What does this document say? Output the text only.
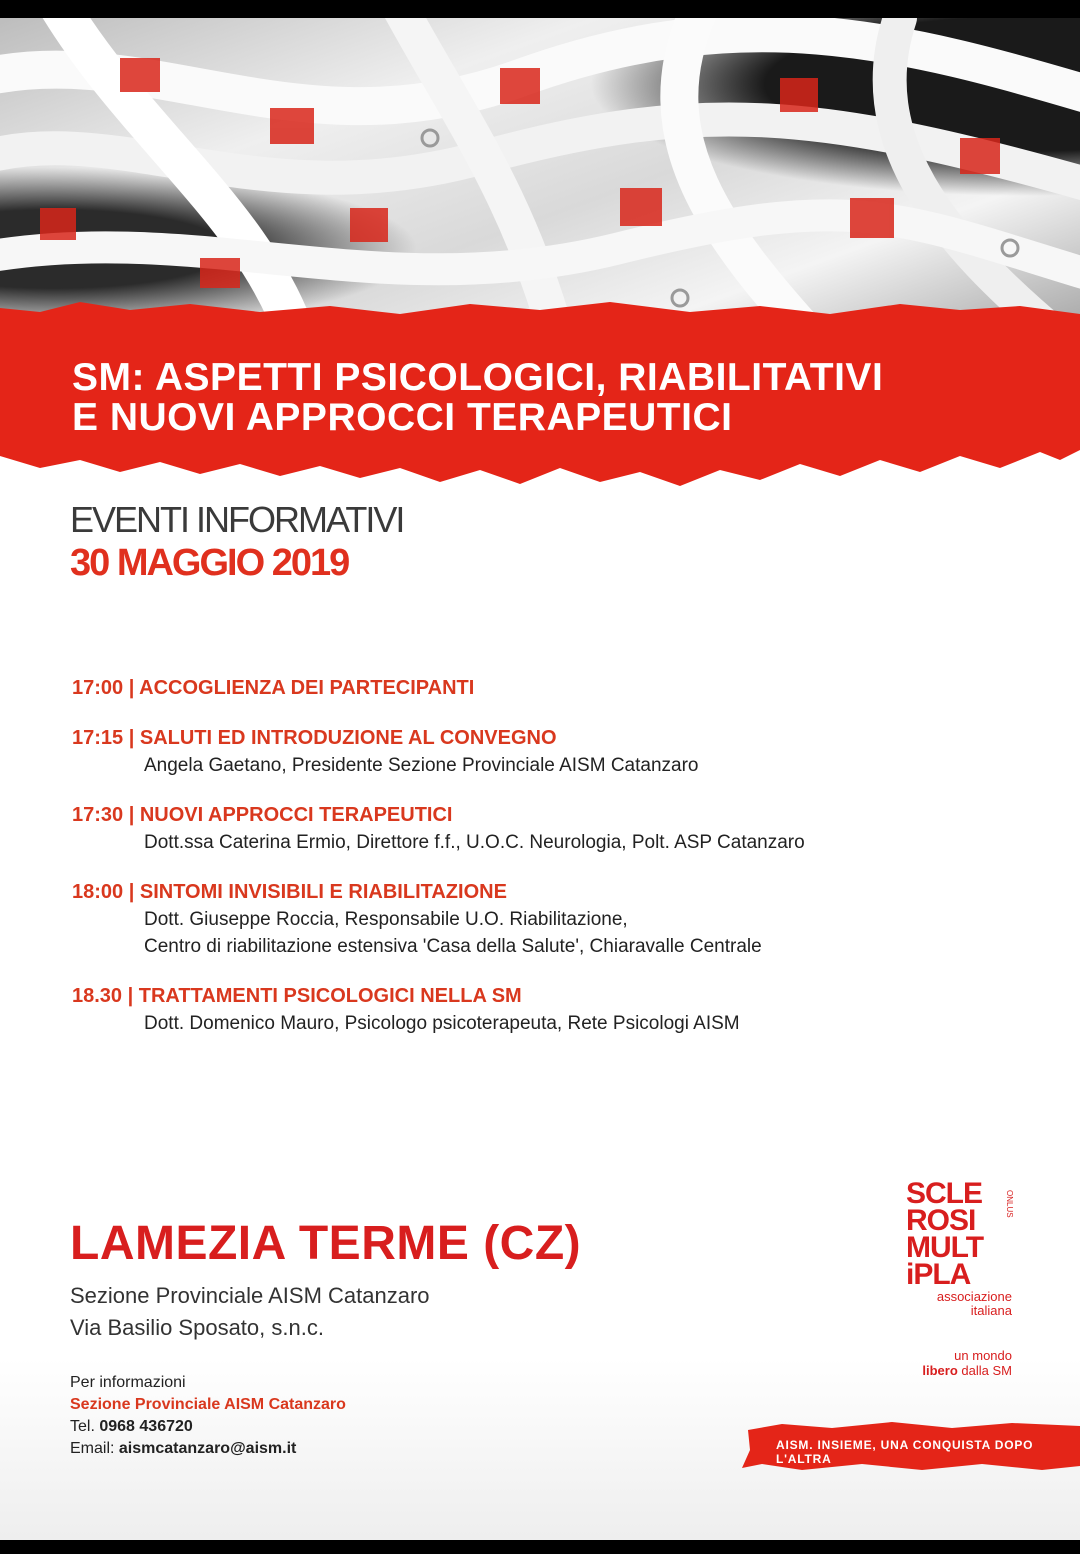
SM: ASPETTI PSICOLOGICI, RIABILITATIVI
E NUOVI APPROCCI TERAPEUTICI
EVENTI INFORMATIVI
30 MAGGIO 2019
17:00 | ACCOGLIENZA DEI PARTECIPANTI
17:15 | SALUTI ED INTRODUZIONE AL CONVEGNO
Angela Gaetano, Presidente Sezione Provinciale AISM Catanzaro
17:30 | NUOVI APPROCCI TERAPEUTICI
Dott.ssa Caterina Ermio, Direttore f.f., U.O.C. Neurologia, Polt. ASP Catanzaro
18:00 | SINTOMI INVISIBILI E RIABILITAZIONE
Dott. Giuseppe Roccia, Responsabile U.O. Riabilitazione,
Centro di riabilitazione estensiva 'Casa della Salute', Chiaravalle Centrale
18.30 | TRATTAMENTI PSICOLOGICI NELLA SM
Dott. Domenico Mauro, Psicologo psicoterapeuta, Rete Psicologi AISM
LAMEZIA TERME (CZ)
Sezione Provinciale AISM Catanzaro
Via Basilio Sposato, s.n.c.
Per informazioni
Sezione Provinciale AISM Catanzaro
Tel. 0968 436720
Email: aismcatanzaro@aism.it
ONLUS
SCLE
ROSI
MULT
iPLA
associazione
italiana
un mondo
libero dalla SM
AISM. INSIEME, UNA CONQUISTA DOPO L'ALTRA
